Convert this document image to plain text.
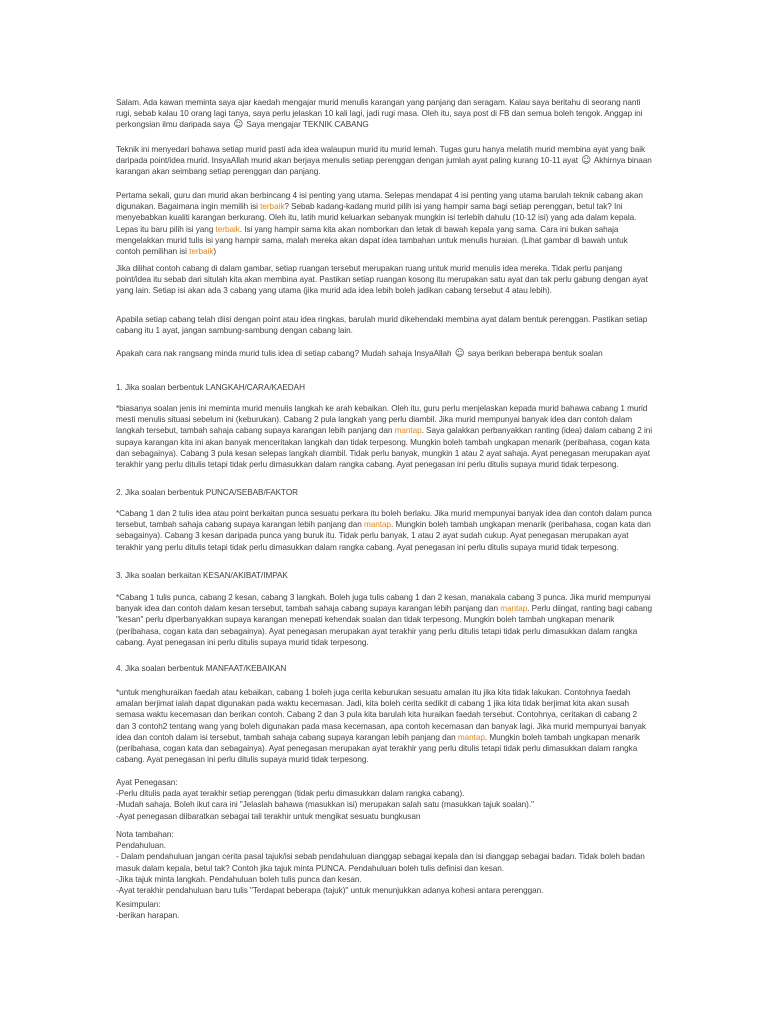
Salam. Ada kawan meminta saya ajar kaedah mengajar murid menulis karangan yang panjang dan seragam. Kalau saya beritahu di seorang nanti rugi, sebab kalau 10 orang lagi tanya, saya perlu jelaskan 10 kali lagi, jadi rugi masa. Oleh itu, saya post di FB dan semua boleh tengok. Anggap ini perkongsian ilmu daripada saya ☺ Saya mengajar TEKNIK CABANG

Teknik ini menyedari bahawa setiap murid pasti ada idea walaupun murid itu murid lemah. Tugas guru hanya melatih murid membina ayat yang baik daripada point/idea murid. InsyaAllah murid akan berjaya menulis setiap perenggan dengan jumlah ayat paling kurang 10-11 ayat ☺ Akhirnya binaan karangan akan seimbang setiap perenggan dan panjang.

Pertama sekali, guru dan murid akan berbincang 4 isi penting yang utama. Selepas mendapat 4 isi penting yang utama barulah teknik cabang akan digunakan. Bagaimana ingin memilih isi terbaik? Sebab kadang-kadang murid pilih isi yang hampir sama bagi setiap perenggan, betul tak? Ini menyebabkan kualiti karangan berkurang. Oleh itu, latih murid keluarkan sebanyak mungkin isi terlebih dahulu (10-12 isi) yang ada dalam kepala. Lepas itu baru pilih isi yang terbaik. Isi yang hampir sama kita akan nomborkan dan letak di bawah kepala yang sama. Cara ini bukan sahaja mengelakkan murid tulis isi yang hampir sama, malah mereka akan dapat idea tambahan untuk menulis huraian. (Lihat gambar di bawah untuk contoh pemilihan isi terbaik)

Jika dilihat contoh cabang di dalam gambar, setiap ruangan tersebut merupakan ruang untuk murid menulis idea mereka. Tidak perlu panjang point/idea itu sebab dari situlah kita akan membina ayat. Pastikan setiap ruangan kosong itu merupakan satu ayat dan tak perlu gabung dengan ayat yang lain. Setiap isi akan ada 3 cabang yang utama (jika murid ada idea lebih boleh jadikan cabang tersebut 4 atau lebih).

Apabila setiap cabang telah diisi dengan point atau idea ringkas, barulah murid dikehendaki membina ayat dalam bentuk perenggan. Pastikan setiap cabang itu 1 ayat, jangan sambung-sambung dengan cabang lain.

Apakah cara nak rangsang minda murid tulis idea di setiap cabang? Mudah sahaja InsyaAllah ☺ saya berikan beberapa bentuk soalan

1. Jika soalan berbentuk LANGKAH/CARA/KAEDAH

*biasanya soalan jenis ini meminta murid menulis langkah ke arah kebaikan. Oleh itu, guru perlu menjelaskan kepada murid bahawa cabang 1 murid mesti menulis situasi sebelum ini (keburukan). Cabang 2 pula langkah yang perlu diambil. Jika murid mempunyai banyak idea dan contoh dalam langkah tersebut, tambah sahaja cabang supaya karangan lebih panjang dan mantap. Saya galakkan perbanyakkan ranting (idea) dalam cabang 2 ini supaya karangan kita ini akan banyak menceritakan langkah dan tidak terpesong. Mungkin boleh tambah ungkapan menarik (peribahasa, cogan kata dan sebagainya). Cabang 3 pula kesan selepas langkah diambil. Tidak perlu banyak, mungkin 1 atau 2 ayat sahaja. Ayat penegasan merupakan ayat terakhir yang perlu ditulis tetapi tidak perlu dimasukkan dalam rangka cabang. Ayat penegasan ini perlu ditulis supaya murid tidak terpesong.

2. Jika soalan berbentuk PUNCA/SEBAB/FAKTOR

*Cabang 1 dan 2 tulis idea atau point berkaitan punca sesuatu perkara itu boleh berlaku. Jika murid mempunyai banyak idea dan contoh dalam punca tersebut, tambah sahaja cabang supaya karangan lebih panjang dan mantap. Mungkin boleh tambah ungkapan menarik (peribahasa, cogan kata dan sebagainya). Cabang 3 kesan daripada punca yang buruk itu. Tidak perlu banyak, 1 atau 2 ayat sudah cukup. Ayat penegasan merupakan ayat terakhir yang perlu ditulis tetapi tidak perlu dimasukkan dalam rangka cabang. Ayat penegasan ini perlu ditulis supaya murid tidak terpesong.

3. Jika soalan berkaitan KESAN/AKIBAT/IMPAK

*Cabang 1 tulis punca, cabang 2 kesan, cabang 3 langkah. Boleh juga tulis cabang 1 dan 2 kesan, manakala cabang 3 punca. Jika murid mempunyai banyak idea dan contoh dalam kesan tersebut, tambah sahaja cabang supaya karangan lebih panjang dan mantap. Perlu diingat, ranting bagi cabang "kesan" perlu diperbanyakkan supaya karangan menepati kehendak soalan dan tidak terpesong. Mungkin boleh tambah ungkapan menarik (peribahasa, cogan kata dan sebagainya). Ayat penegasan merupakan ayat terakhir yang perlu ditulis tetapi tidak perlu dimasukkan dalam rangka cabang. Ayat penegasan ini perlu ditulis supaya murid tidak terpesong.

4. Jika soalan berbentuk MANFAAT/KEBAIKAN

*untuk menghuraikan faedah atau kebaikan, cabang 1 boleh juga cerita keburukan sesuatu amalan itu jika kita tidak lakukan. Contohnya faedah amalan berjimat ialah dapat digunakan pada waktu kecemasan. Jadi, kita boleh cerita sedikit di cabang 1 jika kita tidak berjimat kita akan susah semasa waktu kecemasan dan berikan contoh. Cabang 2 dan 3 pula kita barulah kita huraikan faedah tersebut. Contohnya, ceritakan di cabang 2 dan 3 contoh2 tentang wang yang boleh digunakan pada masa kecemasan, apa contoh kecemasan dan banyak lagi. Jika murid mempunyai banyak idea dan contoh dalam isi tersebut, tambah sahaja cabang supaya karangan lebih panjang dan mantap. Mungkin boleh tambah ungkapan menarik (peribahasa, cogan kata dan sebagainya). Ayat penegasan merupakan ayat terakhir yang perlu ditulis tetapi tidak perlu dimasukkan dalam rangka cabang. Ayat penegasan ini perlu ditulis supaya murid tidak terpesong.

Ayat Penegasan:

-Perlu ditulis pada ayat terakhir setiap perenggan (tidak perlu dimasukkan dalam rangka cabang).

-Mudah sahaja. Boleh ikut cara ini "Jelaslah bahawa (masukkan isi) merupakan salah satu (masukkan tajuk soalan)."

-Ayat penegasan diibaratkan sebagai tali terakhir untuk mengikat sesuatu bungkusan

Nota tambahan:

Pendahuluan.

- Dalam pendahuluan jangan cerita pasal tajuk/isi sebab pendahuluan dianggap sebagai kepala dan isi dianggap sebagai badan. Tidak boleh badan masuk dalam kepala, betul tak? Contoh jika tajuk minta PUNCA. Pendahuluan boleh tulis definisi dan kesan.

-Jika tajuk minta langkah. Pendahuluan boleh tulis punca dan kesan.

-Ayat terakhir pendahuluan baru tulis "Terdapat beberapa (tajuk)" untuk menunjukkan adanya kohesi antara perenggan.

Kesimpulan:

-berikan harapan.
